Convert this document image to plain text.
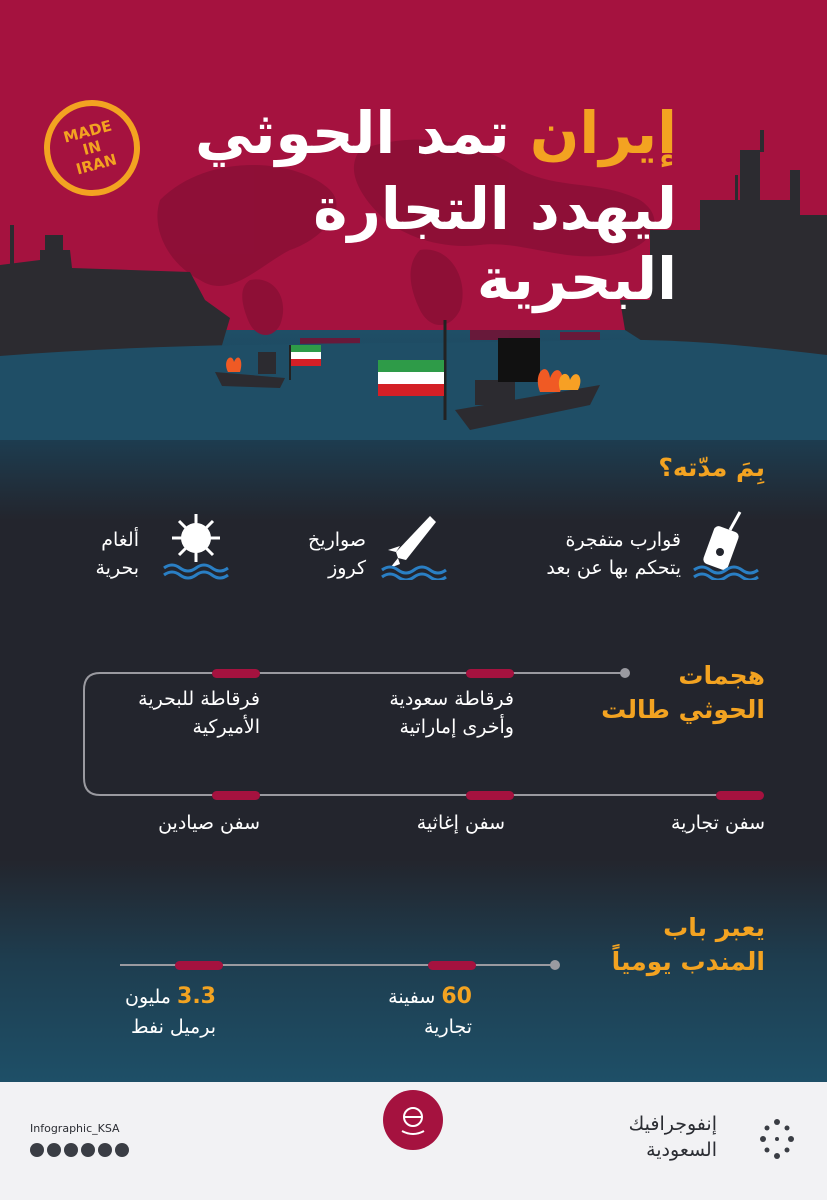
MADE IN IRAN	إيران تمد الحوثي
ليهدد التجارة البحرية
بِمَ مدّته؟
قوارب متفجرة
يتحكم بها عن بعد
صواريخ
كروز
ألغام
بحرية
هجمات
الحوثي طالت
فرقاطة سعودية
وأخرى إماراتية
فرقاطة للبحرية
الأميركية
سفن تجارية
سفن إغاثية
سفن صيادين
يعبر باب
المندب يومياً
60 سفينة
تجارية
3.3 مليون
برميل نفط
Infographic_KSA	إنفوجرافيك
السعودية
